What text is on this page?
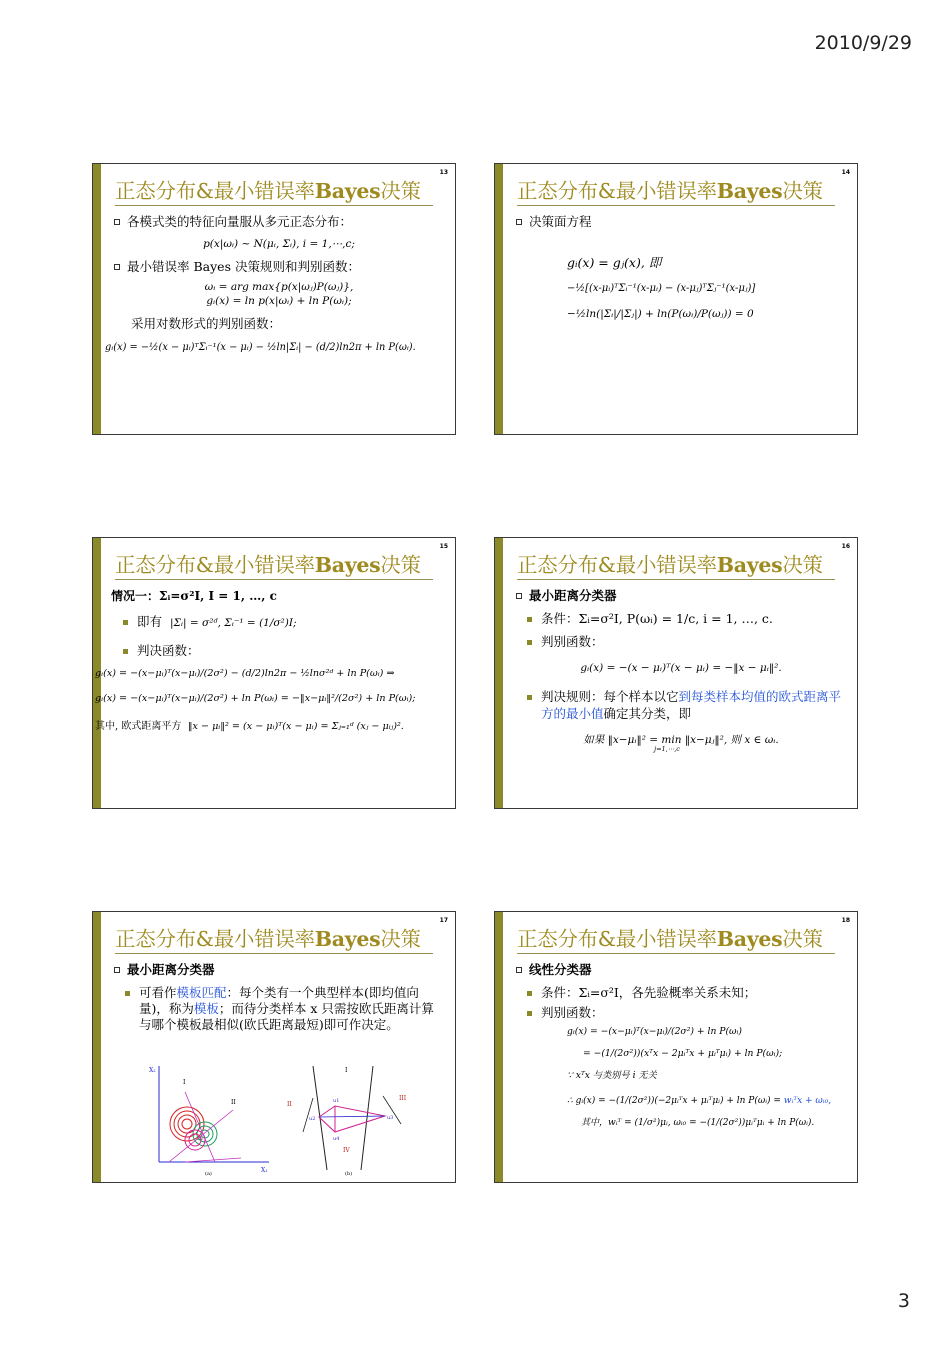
2010/9/29
13
正态分布&最小错误率Bayes决策
各模式类的特征向量服从多元正态分布：
p(x|ωᵢ) ~ N(μᵢ, Σᵢ), i = 1,⋯,c;
最小错误率 Bayes 决策规则和判别函数：
ωᵢ = arg max{p(x|ωⱼ)P(ωⱼ)},
gᵢ(x) = ln p(x|ωᵢ) + ln P(ωᵢ);
采用对数形式的判别函数：
gᵢ(x) = −½(x − μᵢ)ᵀΣᵢ⁻¹(x − μᵢ) − ½ln|Σᵢ| − (d/2)ln2π + ln P(ωᵢ).
14
正态分布&最小错误率Bayes决策
决策面方程
gᵢ(x) = gⱼ(x), 即
−½[(x-μᵢ)ᵀΣᵢ⁻¹(x-μᵢ) − (x-μⱼ)ᵀΣⱼ⁻¹(x-μⱼ)]
−½ln(|Σᵢ|/|Σⱼ|) + ln(P(ωᵢ)/P(ωⱼ)) = 0
15
正态分布&最小错误率Bayes决策
情况一：Σᵢ=σ²I, I = 1, …, c
即有 |Σᵢ| = σ²ᵈ, Σᵢ⁻¹ = (1/σ²)I;
判决函数：
gᵢ(x) = −(x−μᵢ)ᵀ(x−μᵢ)/(2σ²) − (d/2)ln2π − ½lnσ²ᵈ + ln P(ωᵢ) ⇒
gᵢ(x) = −(x−μᵢ)ᵀ(x−μᵢ)/(2σ²) + ln P(ωᵢ) = −‖x−μᵢ‖²/(2σ²) + ln P(ωᵢ);
其中, 欧式距离平方 ‖x − μᵢ‖² = (x − μᵢ)ᵀ(x − μᵢ) = Σⱼ₌₁ᵈ (xⱼ − μᵢⱼ)².
16
正态分布&最小错误率Bayes决策
最小距离分类器
条件：Σᵢ=σ²I, P(ωᵢ) = 1/c, i = 1, …, c.
判别函数：
gᵢ(x) = −(x − μᵢ)ᵀ(x − μᵢ) = −‖x − μᵢ‖².
判决规则：每个样本以它到每类样本均值的欧式距离平方的最小值确定其分类，即
如果 ‖x−μᵢ‖² = min ‖x−μⱼ‖², 则 x ∈ ωᵢ.
j=1,⋯,c
17
正态分布&最小错误率Bayes决策
最小距离分类器
可看作模板匹配：每个类有一个典型样本(即均值向量)，称为模板；而待分类样本 x 只需按欧氏距离计算与哪个模板最相似(欧氏距离最短)即可作决定。
X₂
X₁
I
II
III
(a)
I
II
III
IV
u1
u2	u3
u4
(b)
18
正态分布&最小错误率Bayes决策
线性分类器
条件：Σᵢ=σ²I，各先验概率关系未知；
判别函数：
gᵢ(x) = −(x−μᵢ)ᵀ(x−μᵢ)/(2σ²) + ln P(ωᵢ)
= −(1/(2σ²))(xᵀx − 2μᵢᵀx + μᵢᵀμᵢ) + ln P(ωᵢ);
∵ xᵀx 与类别号 i 无关
∴ gᵢ(x) = −(1/(2σ²))(−2μᵢᵀx + μᵢᵀμᵢ) + ln P(ωᵢ) = wᵢᵀx + ωᵢ₀,
其中，wᵢᵀ = (1/σ²)μᵢ, ωᵢ₀ = −(1/(2σ²))μᵢᵀμᵢ + ln P(ωᵢ).
3
